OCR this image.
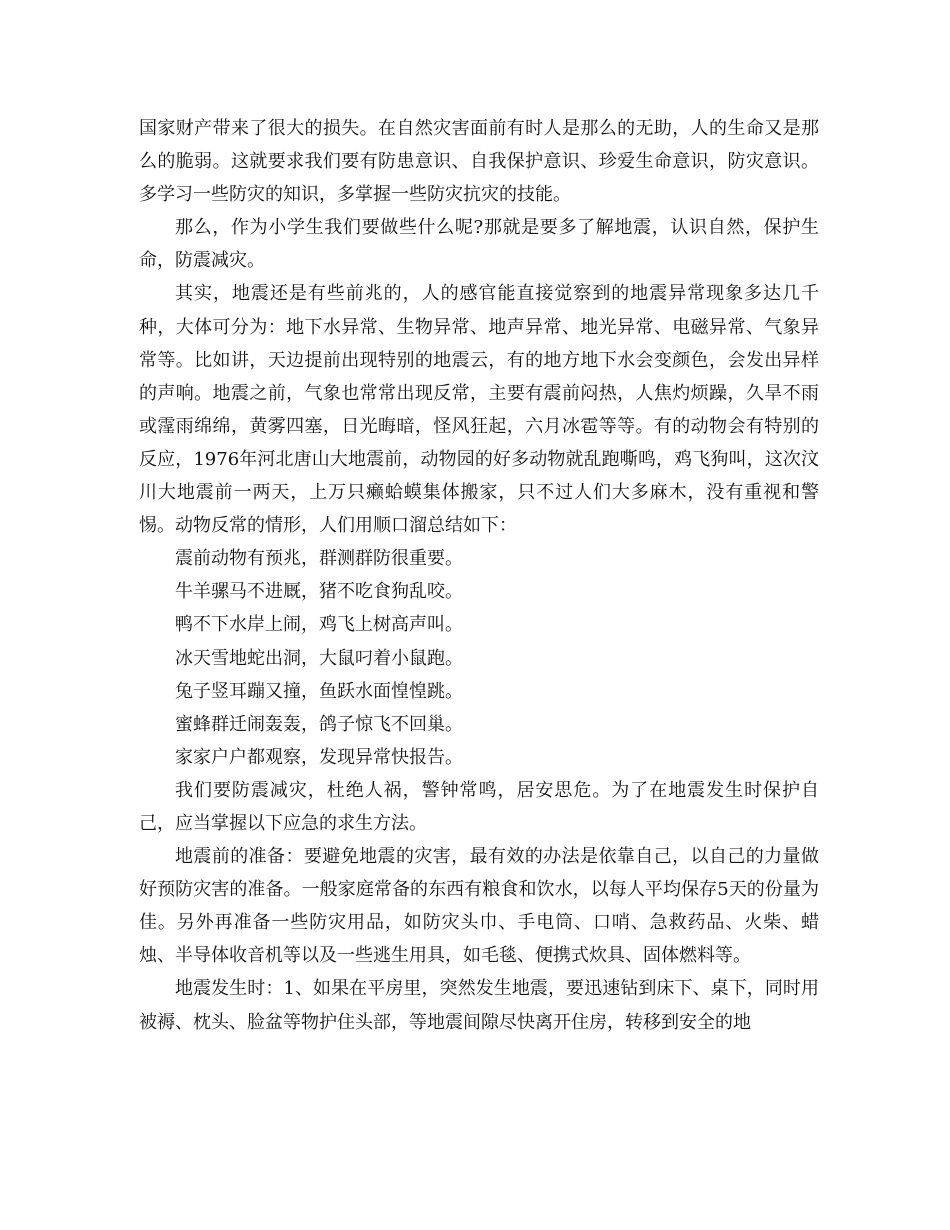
国家财产带来了很大的损失。在自然灾害面前有时人是那么的无助，人的生命又是那么的脆弱。这就要求我们要有防患意识、自我保护意识、珍爱生命意识，防灾意识。多学习一些防灾的知识，多掌握一些防灾抗灾的技能。

那么，作为小学生我们要做些什么呢?那就是要多了解地震，认识自然，保护生命，防震减灾。

其实，地震还是有些前兆的，人的感官能直接觉察到的地震异常现象多达几千种，大体可分为：地下水异常、生物异常、地声异常、地光异常、电磁异常、气象异常等。比如讲，天边提前出现特别的地震云，有的地方地下水会变颜色，会发出异样的声响。地震之前，气象也常常出现反常，主要有震前闷热，人焦灼烦躁，久旱不雨或霪雨绵绵，黄雾四塞，日光晦暗，怪风狂起，六月冰雹等等。有的动物会有特别的反应，1976年河北唐山大地震前，动物园的好多动物就乱跑嘶鸣，鸡飞狗叫，这次汶川大地震前一两天，上万只癞蛤蟆集体搬家，只不过人们大多麻木，没有重视和警惕。动物反常的情形，人们用顺口溜总结如下：

震前动物有预兆，群测群防很重要。

牛羊骡马不进厩，猪不吃食狗乱咬。

鸭不下水岸上闹，鸡飞上树高声叫。

冰天雪地蛇出洞，大鼠叼着小鼠跑。

兔子竖耳蹦又撞，鱼跃水面惶惶跳。

蜜蜂群迁闹轰轰，鸽子惊飞不回巢。

家家户户都观察，发现异常快报告。

我们要防震减灾，杜绝人祸，警钟常鸣，居安思危。为了在地震发生时保护自己，应当掌握以下应急的求生方法。

地震前的准备：要避免地震的灾害，最有效的办法是依靠自己，以自己的力量做好预防灾害的准备。一般家庭常备的东西有粮食和饮水，以每人平均保存5天的份量为佳。另外再准备一些防灾用品，如防灾头巾、手电筒、口哨、急救药品、火柴、蜡烛、半导体收音机等以及一些逃生用具，如毛毯、便携式炊具、固体燃料等。

地震发生时：1、如果在平房里，突然发生地震，要迅速钻到床下、桌下，同时用被褥、枕头、脸盆等物护住头部，等地震间隙尽快离开住房，转移到安全的地
